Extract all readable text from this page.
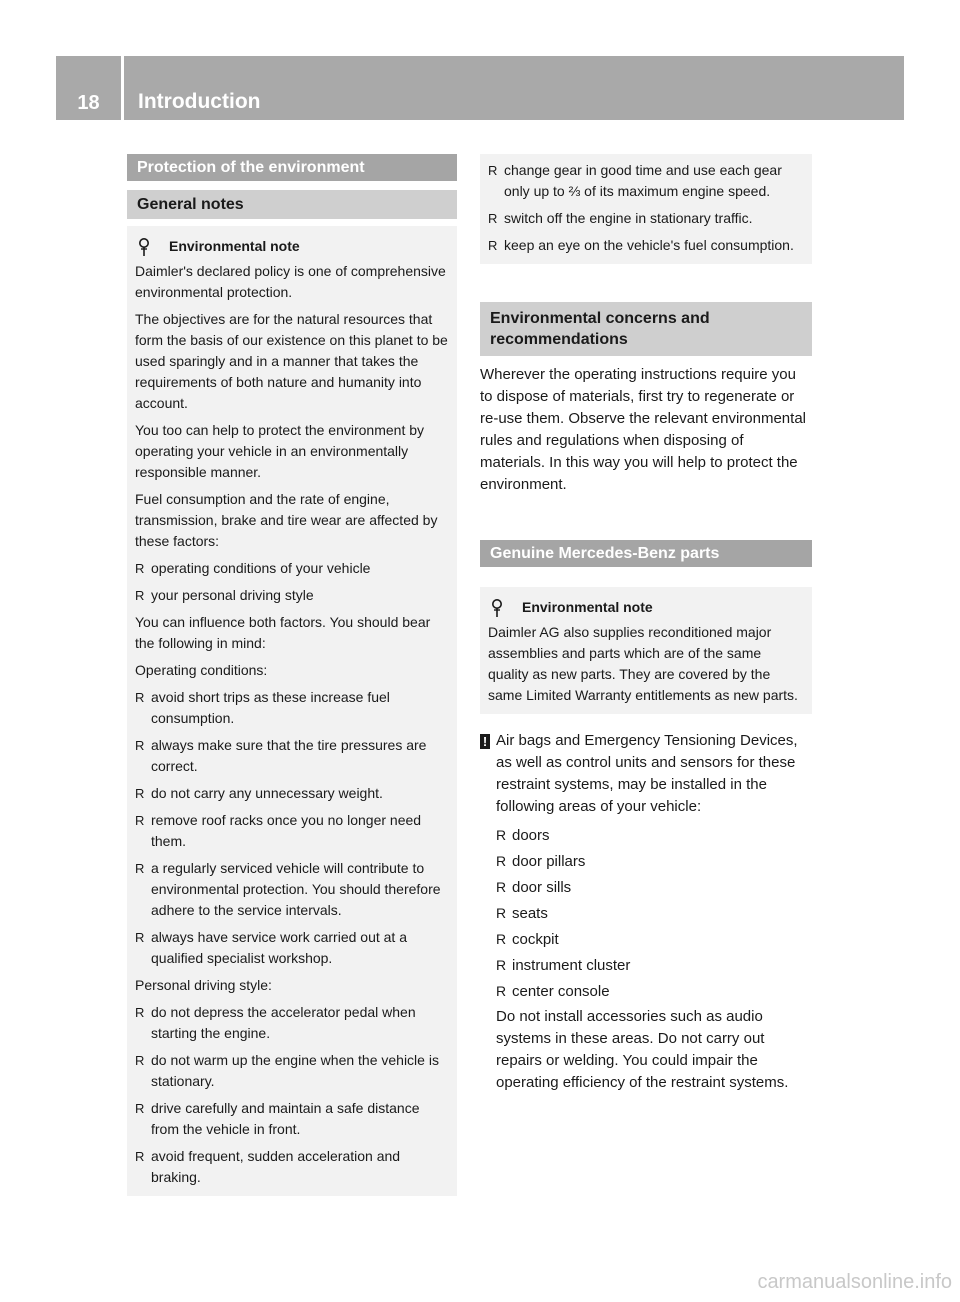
18	Introduction
Protection of the environment
General notes
Environmental note

Daimler's declared policy is one of comprehensive environmental protection.

The objectives are for the natural resources that form the basis of our existence on this planet to be used sparingly and in a manner that takes the requirements of both nature and humanity into account.

You too can help to protect the environment by operating your vehicle in an environmentally responsible manner.

Fuel consumption and the rate of engine, transmission, brake and tire wear are affected by these factors:

R operating conditions of your vehicle
R your personal driving style

You can influence both factors. You should bear the following in mind:

Operating conditions:

R avoid short trips as these increase fuel consumption.
R always make sure that the tire pressures are correct.
R do not carry any unnecessary weight.
R remove roof racks once you no longer need them.
R a regularly serviced vehicle will contribute to environmental protection. You should therefore adhere to the service intervals.
R always have service work carried out at a qualified specialist workshop.

Personal driving style:

R do not depress the accelerator pedal when starting the engine.
R do not warm up the engine when the vehicle is stationary.
R drive carefully and maintain a safe distance from the vehicle in front.
R avoid frequent, sudden acceleration and braking.
R change gear in good time and use each gear only up to ⅔ of its maximum engine speed.
R switch off the engine in stationary traffic.
R keep an eye on the vehicle's fuel consumption.
Environmental concerns and recommendations

Wherever the operating instructions require you to dispose of materials, first try to regenerate or re-use them. Observe the relevant environmental rules and regulations when disposing of materials. In this way you will help to protect the environment.

Genuine Mercedes-Benz parts
Environmental note

Daimler AG also supplies reconditioned major assemblies and parts which are of the same quality as new parts. They are covered by the same Limited Warranty entitlements as new parts.

! Air bags and Emergency Tensioning Devices, as well as control units and sensors for these restraint systems, may be installed in the following areas of your vehicle:

R doors
R door pillars
R door sills
R seats
R cockpit
R instrument cluster
R center console

Do not install accessories such as audio systems in these areas. Do not carry out repairs or welding. You could impair the operating efficiency of the restraint systems.

carmanualsonline.info
